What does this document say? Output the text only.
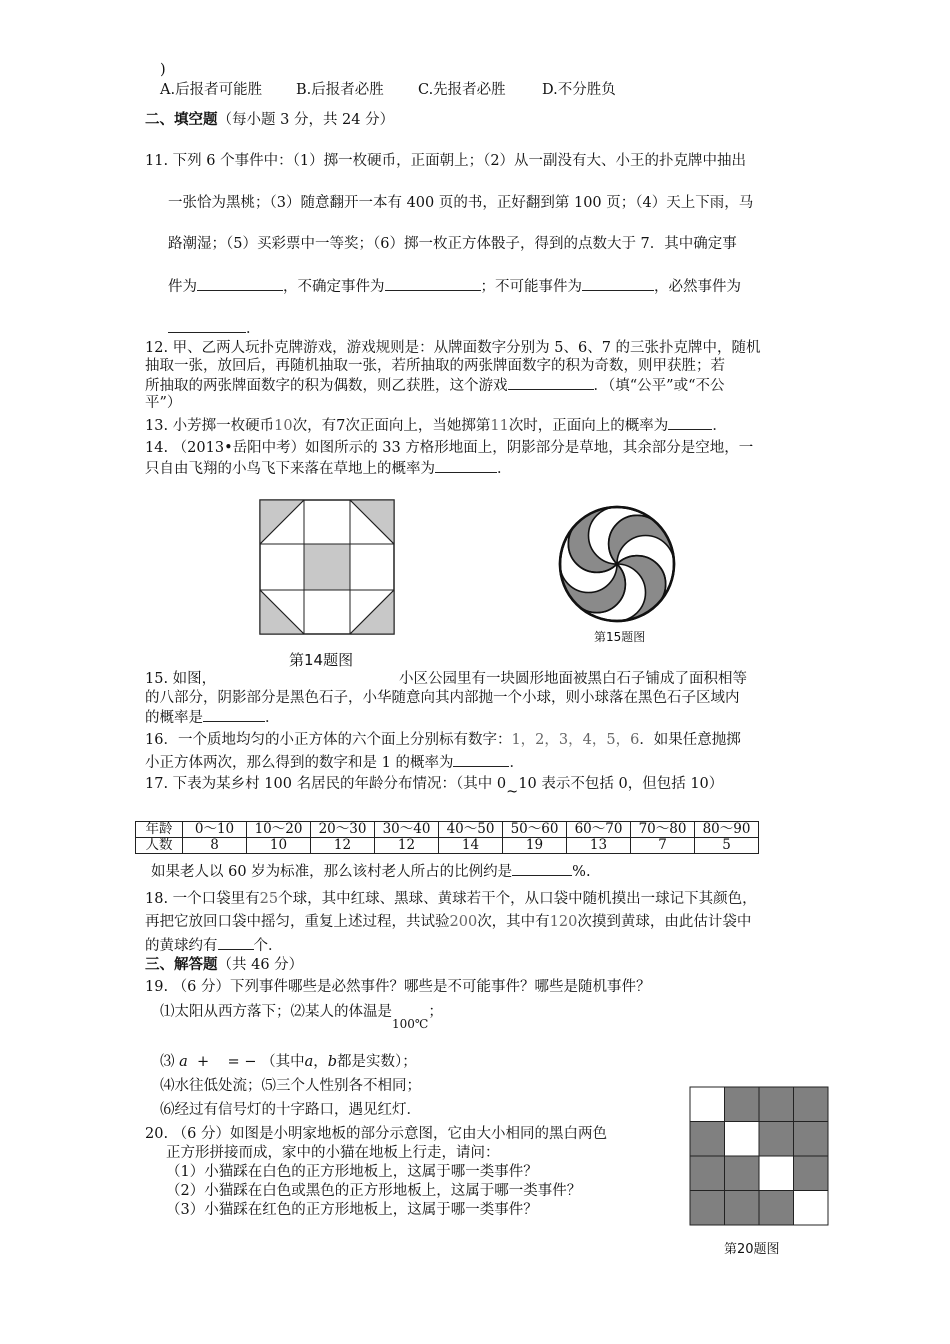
)
A.后报者可能胜 B.后报者必胜 C.先报者必胜	D.不分胜负
二、填空题（每小题 3 分，共 24 分）
11. 下列 6 个事件中：（1）掷一枚硬币，正面朝上；（2）从一副没有大、小王的扑克牌中抽出
一张恰为黑桃；（3）随意翻开一本有 400 页的书，正好翻到第 100 页；（4）天上下雨，马
路潮湿；（5）买彩票中一等奖；（6）掷一枚正方体骰子，得到的点数大于 7．其中确定事
件为	，不确定事件为	；不可能事件为	，必然事件为
．
12. 甲、乙两人玩扑克牌游戏，游戏规则是：从牌面数字分别为 5、6、7 的三张扑克牌中，随机
抽取一张，放回后，再随机抽取一张，若所抽取的两张牌面数字的积为奇数，则甲获胜；若
所抽取的两张牌面数字的积为偶数，则乙获胜，这个游戏	．（填“公平”或“不公
平”）
13. 小芳掷一枚硬币10次，有7次正面向上，当她掷第11次时，正面向上的概率为	．
14. （2013•岳阳中考）如图所示的 33 方格形地面上，阴影部分是草地，其余部分是空地，一
只自由飞翔的小鸟飞下来落在草地上的概率为	．
第14题图
第15题图
15. 如图，	小区公园里有一块圆形地面被黑白石子铺成了面积相等
的八部分，阴影部分是黑色石子，小华随意向其内部抛一个小球，则小球落在黑色石子区域内
的概率是	．
16．一个质地均匀的小正方体的六个面上分别标有数字：1，2，3，4，5，6．如果任意抛掷
小正方体两次，那么得到的数字和是 1 的概率为	．
17. 下表为某乡村 100 名居民的年龄分布情况：（其中 0~10 表示不包括 0，但包括 10）
年龄	0～10	10～20	20～30	30～40	40～50	50～60	60～70	70～80	80～90
人数	8	10	12	12	14	19	13	7	5
如果老人以 60 岁为标准，那么该村老人所占的比例约是	%.
18. 一个口袋里有25个球，其中红球、黑球、黄球若干个，从口袋中随机摸出一球记下其颜色，
再把它放回口袋中摇匀，重复上述过程，共试验200次，其中有120次摸到黄球，由此估计袋中
的黄球约有 个．
三、解答题（共 46 分）
19. （6 分）下列事件哪些是必然事件？哪些是不可能事件？哪些是随机事件？
⑴太阳从西方落下；⑵某人的体温是$_{100℃}$；
⑶ a  +    = − （其中a，b都是实数）；
⑷水往低处流；⑸三个人性别各不相同；
⑹经过有信号灯的十字路口，遇见红灯．
20. （6 分）如图是小明家地板的部分示意图，它由大小相同的黑白两色
正方形拼接而成，家中的小猫在地板上行走，请问：
（1）小猫踩在白色的正方形地板上，这属于哪一类事件？
（2）小猫踩在白色或黑色的正方形地板上，这属于哪一类事件？
（3）小猫踩在红色的正方形地板上，这属于哪一类事件？
第20题图
